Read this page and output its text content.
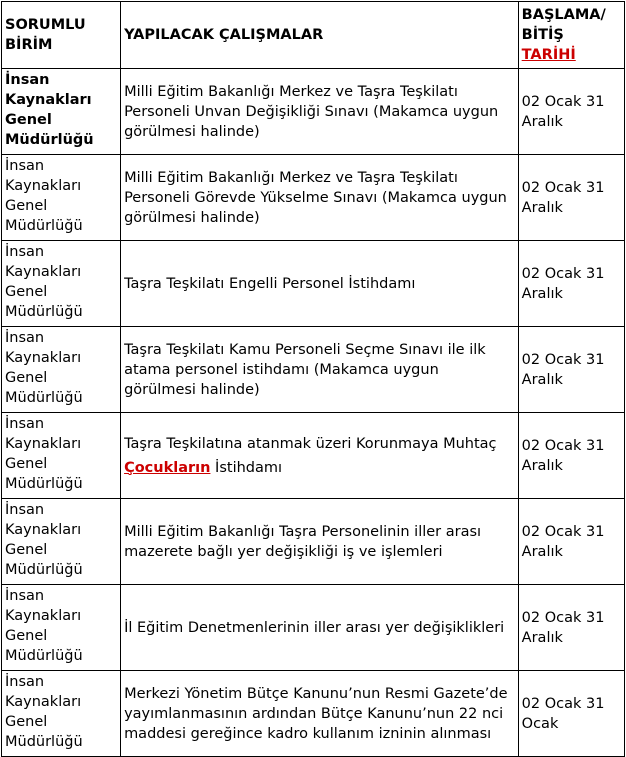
SORUMLU BİRİM	YAPILACAK ÇALIŞMALAR	BAŞLAMA/ BİTİŞ TARİHİ
İnsan Kaynakları Genel Müdürlüğü	Milli Eğitim Bakanlığı Merkez ve Taşra Teşkilatı Personeli Unvan Değişikliği Sınavı (Makamca uygun görülmesi halinde)	02 Ocak 31 Aralık
İnsan Kaynakları Genel Müdürlüğü	Milli Eğitim Bakanlığı Merkez ve Taşra Teşkilatı Personeli Görevde Yükselme Sınavı (Makamca uygun görülmesi halinde)	02 Ocak 31 Aralık
İnsan Kaynakları Genel Müdürlüğü	Taşra Teşkilatı Engelli Personel İstihdamı	02 Ocak 31 Aralık
İnsan Kaynakları Genel Müdürlüğü	Taşra Teşkilatı Kamu Personeli Seçme Sınavı ile ilk atama personel istihdamı (Makamca uygun görülmesi halinde)	02 Ocak 31 Aralık
İnsan Kaynakları Genel Müdürlüğü	Taşra Teşkilatına atanmak üzeri Korunmaya Muhtaç Çocukların İstihdamı	02 Ocak 31 Aralık
İnsan Kaynakları Genel Müdürlüğü	Milli Eğitim Bakanlığı Taşra Personelinin iller arası mazerete bağlı yer değişikliği iş ve işlemleri	02 Ocak 31 Aralık
İnsan Kaynakları Genel Müdürlüğü	İl Eğitim Denetmenlerinin iller arası yer değişiklikleri	02 Ocak 31 Aralık
İnsan Kaynakları Genel Müdürlüğü	Merkezi Yönetim Bütçe Kanunu’nun Resmi Gazete’de yayımlanmasının ardından Bütçe Kanunu’nun 22 nci maddesi gereğince kadro kullanım izninin alınması	02 Ocak 31 Ocak
